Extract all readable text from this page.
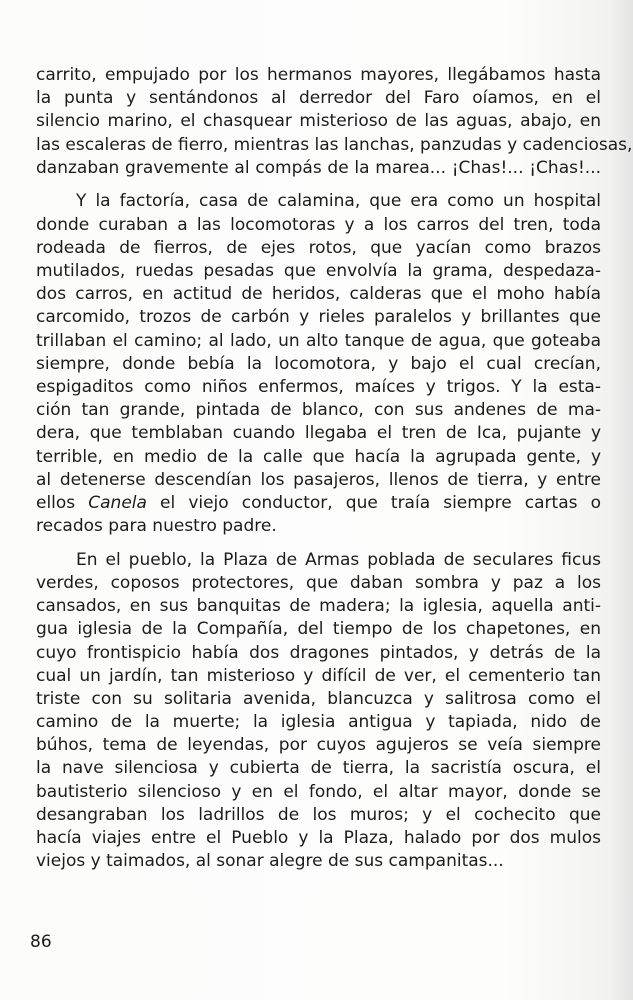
carrito, empujado por los hermanos mayores, llegábamos hasta
la punta y sentándonos al derredor del Faro oíamos, en el
silencio marino, el chasquear misterioso de las aguas, abajo, en
las escaleras de fierro, mientras las lanchas, panzudas y cadenciosas,
danzaban gravemente al compás de la marea... ¡Chas!... ¡Chas!...
Y la factoría, casa de calamina, que era como un hospital
donde curaban a las locomotoras y a los carros del tren, toda
rodeada de fierros, de ejes rotos, que yacían como brazos
mutilados, ruedas pesadas que envolvía la grama, despedaza-
dos carros, en actitud de heridos, calderas que el moho había
carcomido, trozos de carbón y rieles paralelos y brillantes que
trillaban el camino; al lado, un alto tanque de agua, que goteaba
siempre, donde bebía la locomotora, y bajo el cual crecían,
espigaditos como niños enfermos, maíces y trigos. Y la esta-
ción tan grande, pintada de blanco, con sus andenes de ma-
dera, que temblaban cuando llegaba el tren de Ica, pujante y
terrible, en medio de la calle que hacía la agrupada gente, y
al detenerse descendían los pasajeros, llenos de tierra, y entre
ellos Canela el viejo conductor, que traía siempre cartas o
recados para nuestro padre.
En el pueblo, la Plaza de Armas poblada de seculares ficus
verdes, coposos protectores, que daban sombra y paz a los
cansados, en sus banquitas de madera; la iglesia, aquella anti-
gua iglesia de la Compañía, del tiempo de los chapetones, en
cuyo frontispicio había dos dragones pintados, y detrás de la
cual un jardín, tan misterioso y difícil de ver, el cementerio tan
triste con su solitaria avenida, blancuzca y salitrosa como el
camino de la muerte; la iglesia antigua y tapiada, nido de
búhos, tema de leyendas, por cuyos agujeros se veía siempre
la nave silenciosa y cubierta de tierra, la sacristía oscura, el
bautisterio silencioso y en el fondo, el altar mayor, donde se
desangraban los ladrillos de los muros; y el cochecito que
hacía viajes entre el Pueblo y la Plaza, halado por dos mulos
viejos y taimados, al sonar alegre de sus campanitas...
86
